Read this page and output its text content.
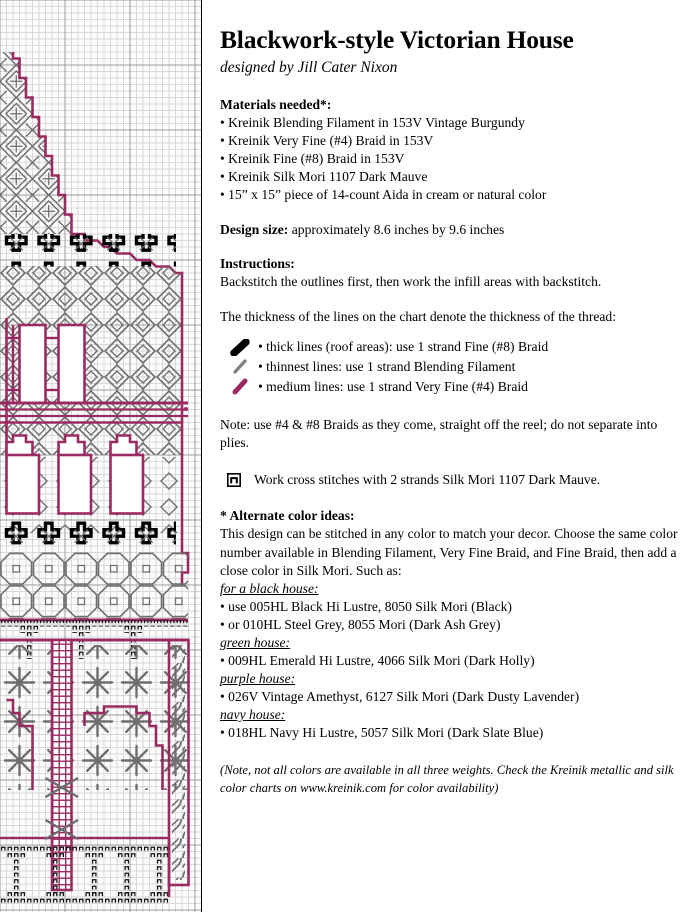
Blackwork-style Victorian House

designed by Jill Cater Nixon

Materials needed*:

• Kreinik Blending Filament in 153V Vintage Burgundy

• Kreinik Very Fine (#4) Braid in 153V

• Kreinik Fine (#8) Braid in 153V

• Kreinik Silk Mori 1107 Dark Mauve

• 15” x 15” piece of 14-count Aida in cream or natural color

Design size: approximately 8.6 inches by 9.6 inches

Instructions:

Backstitch the outlines first, then work the infill areas with backstitch.

The thickness of the lines on the chart denote the thickness of the thread:

• thick lines (roof areas): use 1 strand Fine (#8) Braid
• thinnest lines: use 1 strand Blending Filament
• medium lines: use 1 strand Very Fine (#4) Braid

Note: use #4 & #8 Braids as they come, straight off the reel; do not separate into plies.

Work cross stitches with 2 strands Silk Mori 1107 Dark Mauve.

* Alternate color ideas:

This design can be stitched in any color to match your decor. Choose the same color number available in Blending Filament, Very Fine Braid, and Fine Braid, then add a close color in Silk Mori. Such as:

for a black house:

• use 005HL Black Hi Lustre, 8050 Silk Mori (Black)

• or 010HL Steel Grey, 8055 Mori (Dark Ash Grey)

green house:

• 009HL Emerald Hi Lustre, 4066 Silk Mori (Dark Holly)

purple house:

• 026V Vintage Amethyst, 6127 Silk Mori (Dark Dusty Lavender)

navy house:

• 018HL Navy Hi Lustre, 5057 Silk Mori (Dark Slate Blue)

(Note, not all colors are available in all three weights. Check the Kreinik metallic and silk color charts on www.kreinik.com for color availability)
